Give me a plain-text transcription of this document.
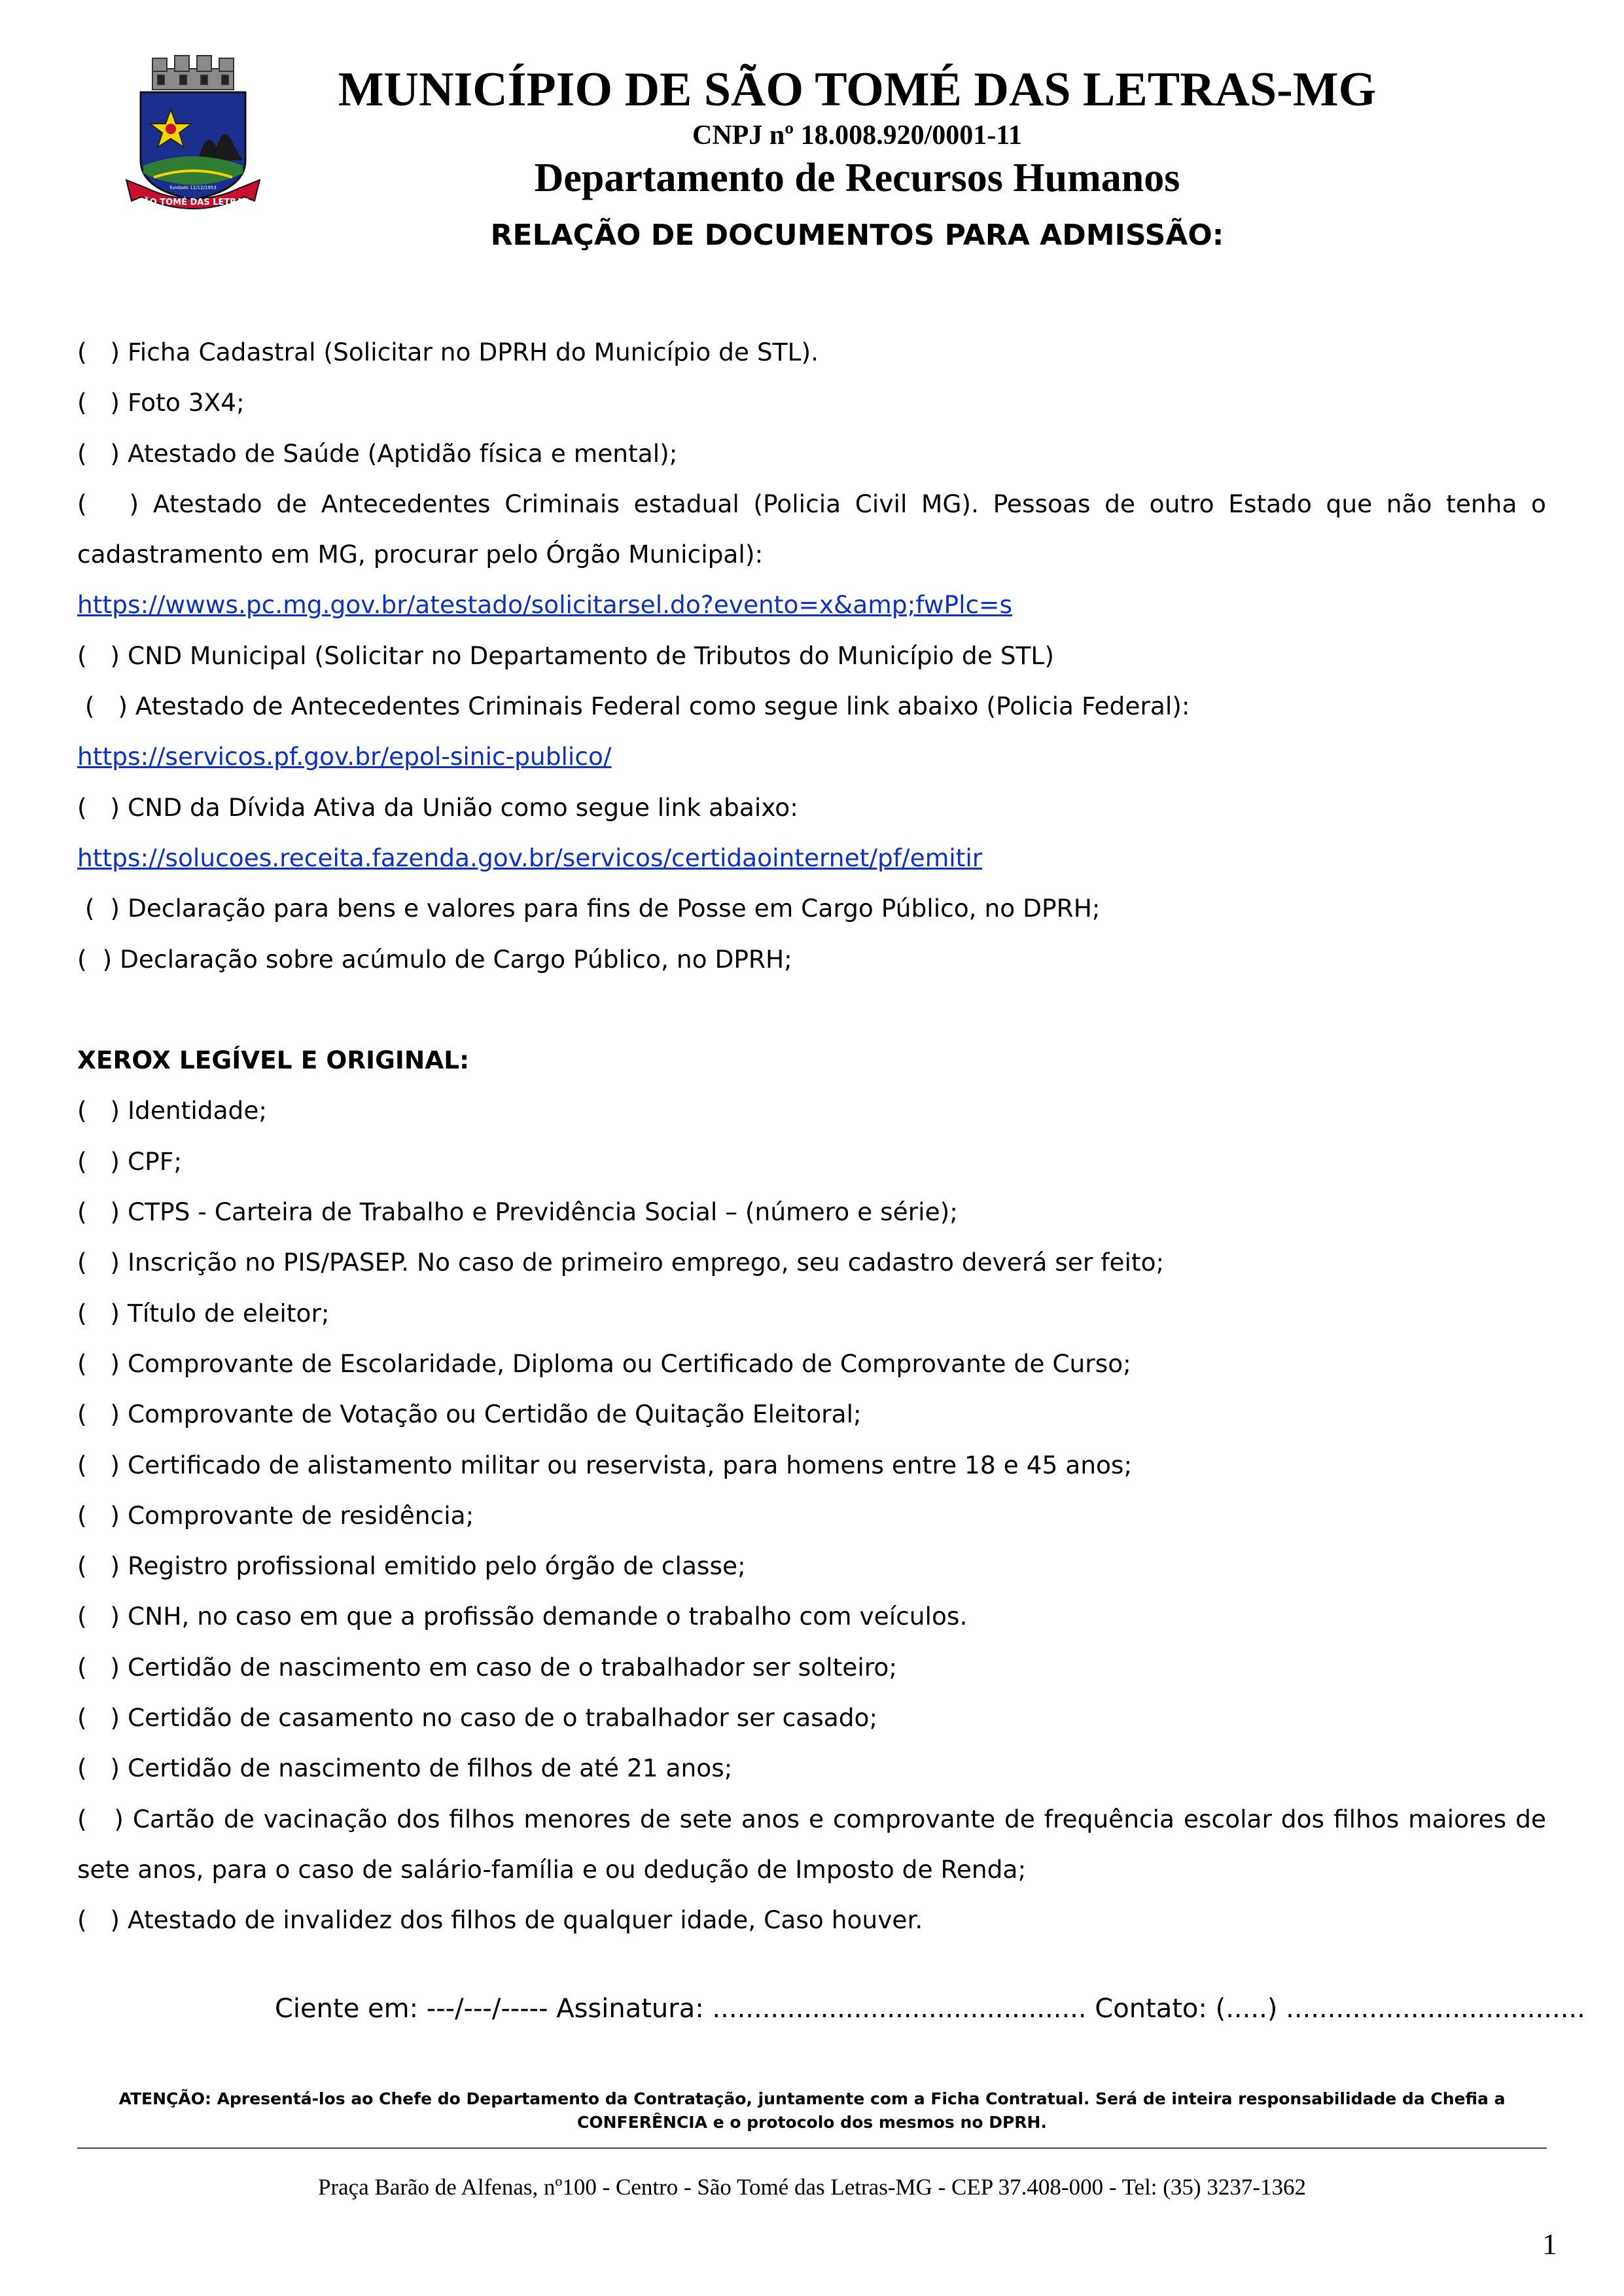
SÃO TOMÉ DAS LETRAS
fundado 12/12/1953
MUNICÍPIO DE SÃO TOMÉ DAS LETRAS-MG
CNPJ nº 18.008.920/0001-11
Departamento de Recursos Humanos
RELAÇÃO DE DOCUMENTOS PARA ADMISSÃO:

(   ) Ficha Cadastral (Solicitar no DPRH do Município de STL).

(   ) Foto 3X4;

(   ) Atestado de Saúde (Aptidão física e mental);

(   ) Atestado de Antecedentes Criminais estadual (Policia Civil MG). Pessoas de outro Estado que não tenha o cadastramento em MG, procurar pelo Órgão Municipal):

https://wwws.pc.mg.gov.br/atestado/solicitarsel.do?evento=x&amp;fwPlc=s

(   ) CND Municipal (Solicitar no Departamento de Tributos do Município de STL)

(   ) Atestado de Antecedentes Criminais Federal como segue link abaixo (Policia Federal):

https://servicos.pf.gov.br/epol-sinic-publico/

(   ) CND da Dívida Ativa da União como segue link abaixo:

https://solucoes.receita.fazenda.gov.br/servicos/certidaointernet/pf/emitir

(  ) Declaração para bens e valores para fins de Posse em Cargo Público, no DPRH;

(  ) Declaração sobre acúmulo de Cargo Público, no DPRH;

XEROX LEGÍVEL E ORIGINAL:

(   ) Identidade;

(   ) CPF;

(   ) CTPS - Carteira de Trabalho e Previdência Social – (número e série);

(   ) Inscrição no PIS/PASEP. No caso de primeiro emprego, seu cadastro deverá ser feito;

(   ) Título de eleitor;

(   ) Comprovante de Escolaridade, Diploma ou Certificado de Comprovante de Curso;

(   ) Comprovante de Votação ou Certidão de Quitação Eleitoral;

(   ) Certificado de alistamento militar ou reservista, para homens entre 18 e 45 anos;

(   ) Comprovante de residência;

(   ) Registro profissional emitido pelo órgão de classe;

(   ) CNH, no caso em que a profissão demande o trabalho com veículos.

(   ) Certidão de nascimento em caso de o trabalhador ser solteiro;

(   ) Certidão de casamento no caso de o trabalhador ser casado;

(   ) Certidão de nascimento de filhos de até 21 anos;

(   ) Cartão de vacinação dos filhos menores de sete anos e comprovante de frequência escolar dos filhos maiores de sete anos, para o caso de salário-família e ou dedução de Imposto de Renda;

(   ) Atestado de invalidez dos filhos de qualquer idade, Caso houver.

Ciente em: ---/---/----- Assinatura: ............................................. Contato: (.....) ....................................
ATENÇÃO: Apresentá-los ao Chefe do Departamento da Contratação, juntamente com a Ficha Contratual. Será de inteira responsabilidade da Chefia a CONFERÊNCIA e o protocolo dos mesmos no DPRH.
Praça Barão de Alfenas, nº100 - Centro - São Tomé das Letras-MG - CEP 37.408-000 - Tel: (35) 3237-1362
1
